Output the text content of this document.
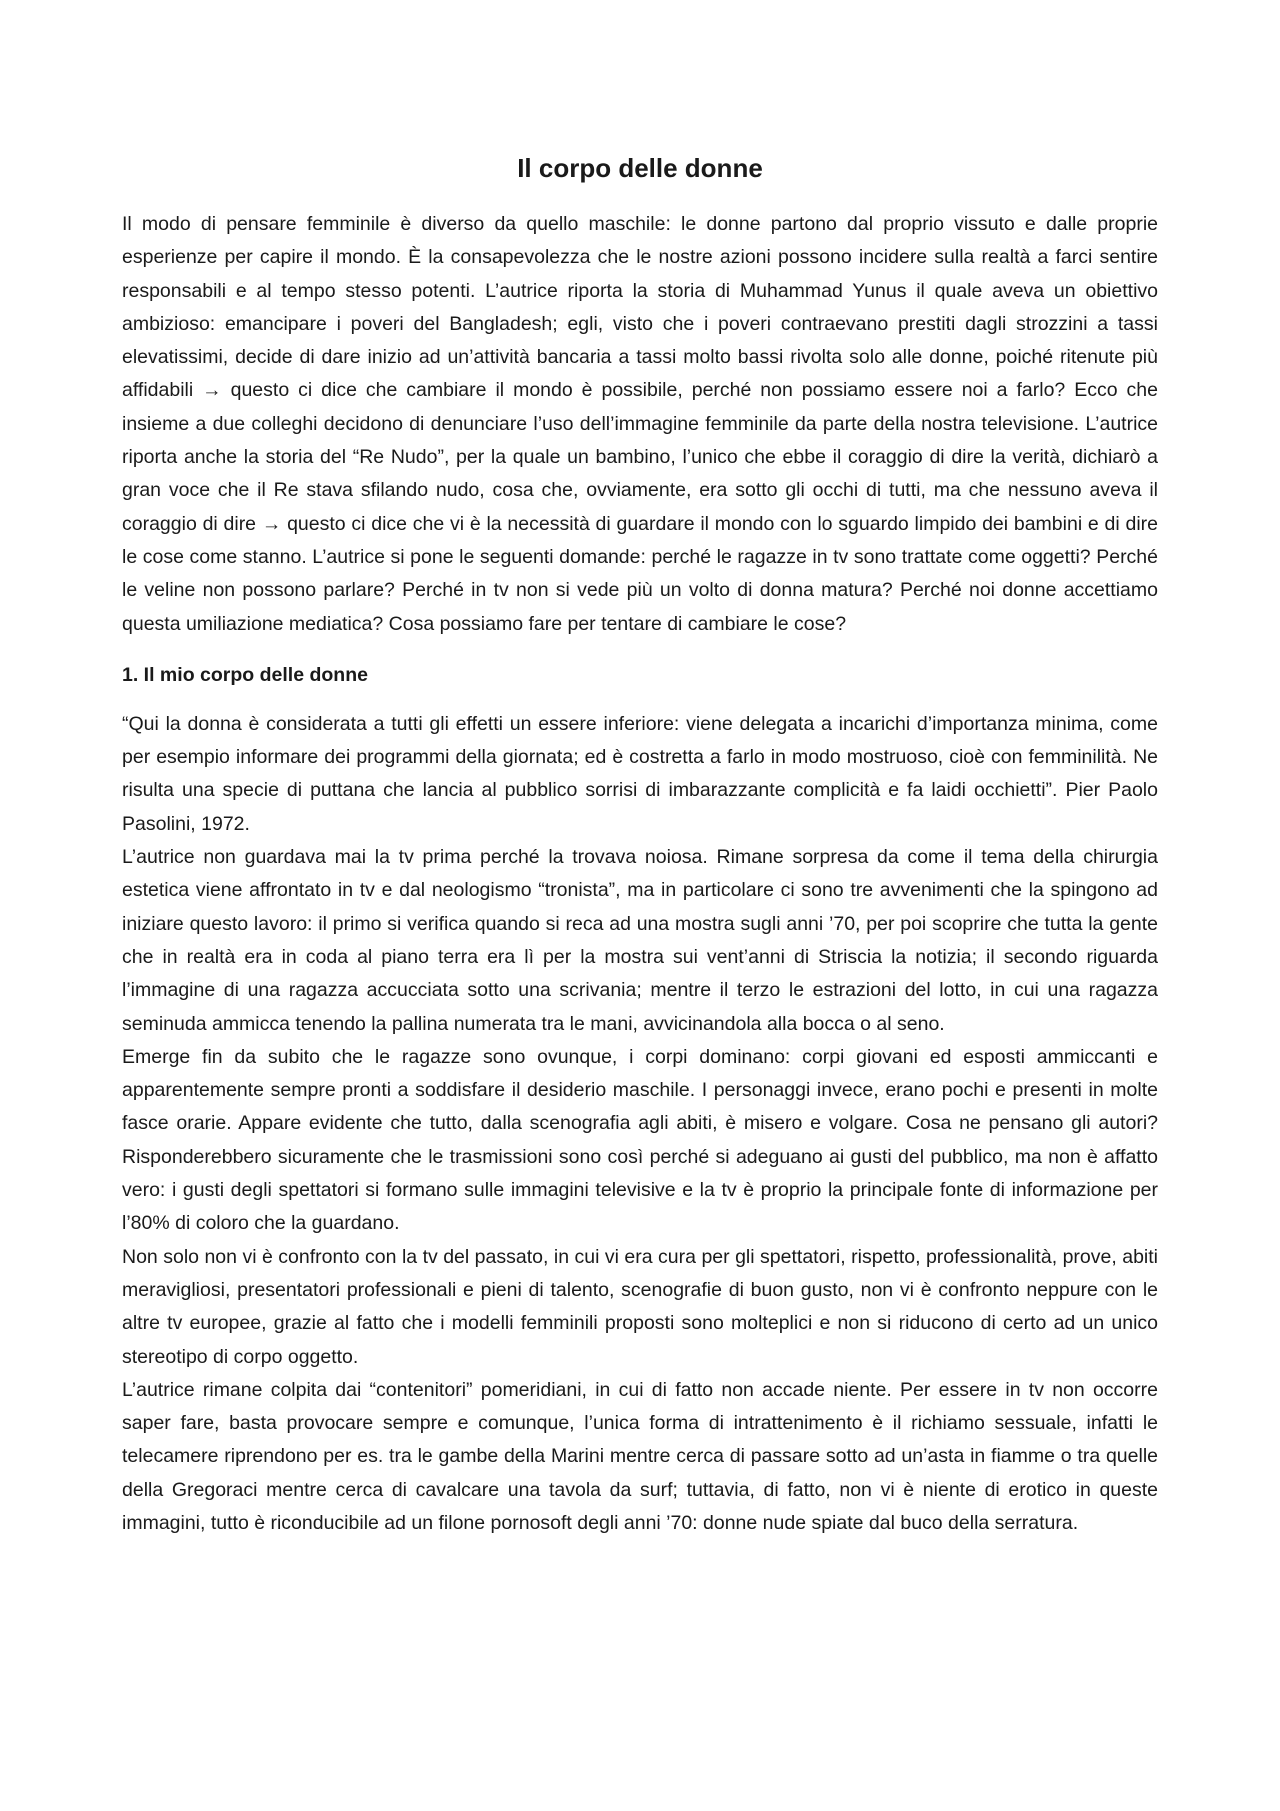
Il corpo delle donne

Il modo di pensare femminile è diverso da quello maschile: le donne partono dal proprio vissuto e dalle proprie esperienze per capire il mondo. È la consapevolezza che le nostre azioni possono incidere sulla realtà a farci sentire responsabili e al tempo stesso potenti. L’autrice riporta la storia di Muhammad Yunus il quale aveva un obiettivo ambizioso: emancipare i poveri del Bangladesh; egli, visto che i poveri contraevano prestiti dagli strozzini a tassi elevatissimi, decide di dare inizio ad un’attività bancaria a tassi molto bassi rivolta solo alle donne, poiché ritenute più affidabili → questo ci dice che cambiare il mondo è possibile, perché non possiamo essere noi a farlo? Ecco che insieme a due colleghi decidono di denunciare l’uso dell’immagine femminile da parte della nostra televisione. L’autrice riporta anche la storia del “Re Nudo”, per la quale un bambino, l’unico che ebbe il coraggio di dire la verità, dichiarò a gran voce che il Re stava sfilando nudo, cosa che, ovviamente, era sotto gli occhi di tutti, ma che nessuno aveva il coraggio di dire → questo ci dice che vi è la necessità di guardare il mondo con lo sguardo limpido dei bambini e di dire le cose come stanno. L’autrice si pone le seguenti domande: perché le ragazze in tv sono trattate come oggetti? Perché le veline non possono parlare? Perché in tv non si vede più un volto di donna matura? Perché noi donne accettiamo questa umiliazione mediatica? Cosa possiamo fare per tentare di cambiare le cose?

1. Il mio corpo delle donne

“Qui la donna è considerata a tutti gli effetti un essere inferiore: viene delegata a incarichi d’importanza minima, come per esempio informare dei programmi della giornata; ed è costretta a farlo in modo mostruoso, cioè con femminilità. Ne risulta una specie di puttana che lancia al pubblico sorrisi di imbarazzante complicità e fa laidi occhietti”. Pier Paolo Pasolini, 1972.

L’autrice non guardava mai la tv prima perché la trovava noiosa. Rimane sorpresa da come il tema della chirurgia estetica viene affrontato in tv e dal neologismo “tronista”, ma in particolare ci sono tre avvenimenti che la spingono ad iniziare questo lavoro: il primo si verifica quando si reca ad una mostra sugli anni ’70, per poi scoprire che tutta la gente che in realtà era in coda al piano terra era lì per la mostra sui vent’anni di Striscia la notizia; il secondo riguarda l’immagine di una ragazza accucciata sotto una scrivania; mentre il terzo le estrazioni del lotto, in cui una ragazza seminuda ammicca tenendo la pallina numerata tra le mani, avvicinandola alla bocca o al seno.

Emerge fin da subito che le ragazze sono ovunque, i corpi dominano: corpi giovani ed esposti ammiccanti e apparentemente sempre pronti a soddisfare il desiderio maschile. I personaggi invece, erano pochi e presenti in molte fasce orarie. Appare evidente che tutto, dalla scenografia agli abiti, è misero e volgare. Cosa ne pensano gli autori? Risponderebbero sicuramente che le trasmissioni sono così perché si adeguano ai gusti del pubblico, ma non è affatto vero: i gusti degli spettatori si formano sulle immagini televisive e la tv è proprio la principale fonte di informazione per l’80% di coloro che la guardano.

Non solo non vi è confronto con la tv del passato, in cui vi era cura per gli spettatori, rispetto, professionalità, prove, abiti meravigliosi, presentatori professionali e pieni di talento, scenografie di buon gusto, non vi è confronto neppure con le altre tv europee, grazie al fatto che i modelli femminili proposti sono molteplici e non si riducono di certo ad un unico stereotipo di corpo oggetto.

L’autrice rimane colpita dai “contenitori” pomeridiani, in cui di fatto non accade niente. Per essere in tv non occorre saper fare, basta provocare sempre e comunque, l’unica forma di intrattenimento è il richiamo sessuale, infatti le telecamere riprendono per es. tra le gambe della Marini mentre cerca di passare sotto ad un’asta in fiamme o tra quelle della Gregoraci mentre cerca di cavalcare una tavola da surf; tuttavia, di fatto, non vi è niente di erotico in queste immagini, tutto è riconducibile ad un filone pornosoft degli anni ’70: donne nude spiate dal buco della serratura.
